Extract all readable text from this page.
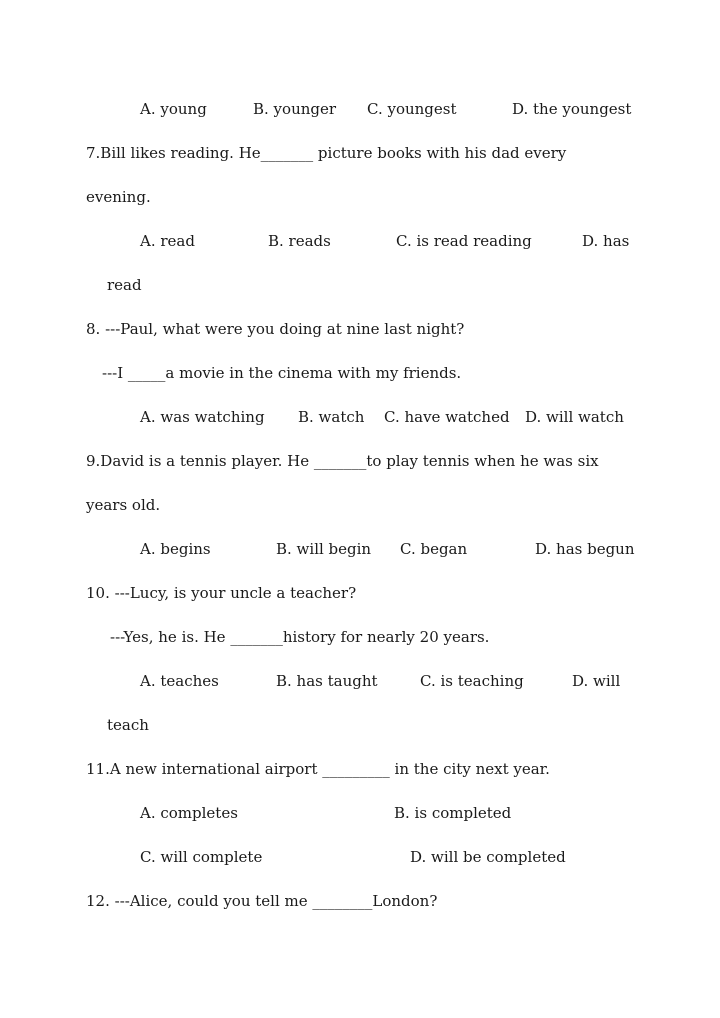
A. young	B. younger C. youngest	D. the youngest
7.Bill likes reading. He_______ picture books with his dad every
evening.
A. read	B. reads	C. is read reading	D. has
read
8. ---Paul, what were you doing at nine last night?
---I _____a movie in the cinema with my friends.
A. was watching B. watch C. have watched D. will watch
9.David is a tennis player. He _______to play tennis when he was six
years old.
A. begins	B. will begin C. began	D. has begun
10. ---Lucy, is your uncle a teacher?
---Yes, he is. He _______history for nearly 20 years.
A. teaches	B. has taught	C. is teaching	D. will
teach
11.A new international airport _________ in the city next year.
A. completes	B. is completed
C. will complete	D. will be completed
12. ---Alice, could you tell me ________London?
